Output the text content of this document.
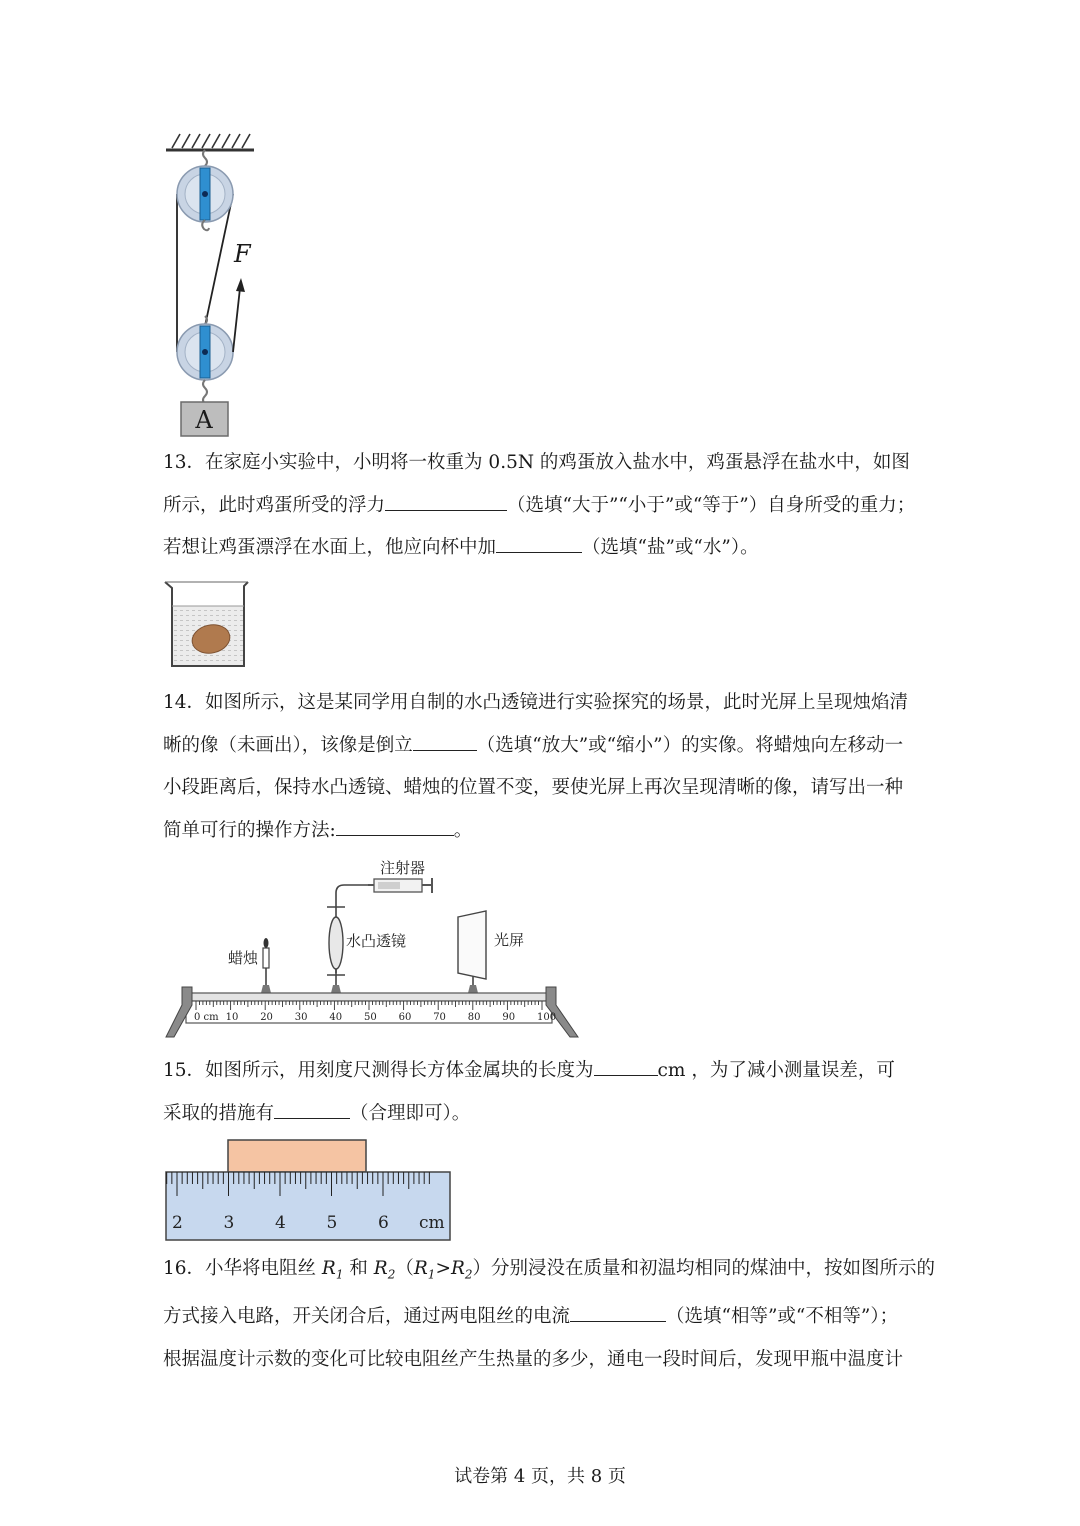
A
F
13．在家庭小实验中，小明将一枚重为 0.5N 的鸡蛋放入盐水中，鸡蛋悬浮在盐水中，如图
所示，此时鸡蛋所受的浮力	（选填“大于”“小于”或“等于”）自身所受的重力；
若想让鸡蛋漂浮在水面上，他应向杯中加	（选填“盐”或“水”）。
14．如图所示，这是某同学用自制的水凸透镜进行实验探究的场景，此时光屏上呈现烛焰清
晰的像（未画出），该像是倒立	（选填“放大”或“缩小”）的实像。将蜡烛向左移动一
小段距离后，保持水凸透镜、蜡烛的位置不变，要使光屏上再次呈现清晰的像，请写出一种
简单可行的操作方法:	。
注射器
水凸透镜	光屏
蜡烛
0 cm 10 20 30 40 50 60 70 80 90 100
15．如图所示，用刻度尺测得长方体金属块的长度为	cm ，为了减小测量误差，可
采取的措施有	（合理即可）。
2 3 4 5 6 cm
16．小华将电阻丝 $R_1$ 和 $R_2(R_1>R_2)$分别浸没在质量和初温均相同的煤油中，按如图所示的
方式接入电路，开关闭合后，通过两电阻丝的电流	（选填“相等”或“不相等”）；
根据温度计示数的变化可比较电阻丝产生热量的多少，通电一段时间后，发现甲瓶中温度计
试卷第 4 页，共 8 页
